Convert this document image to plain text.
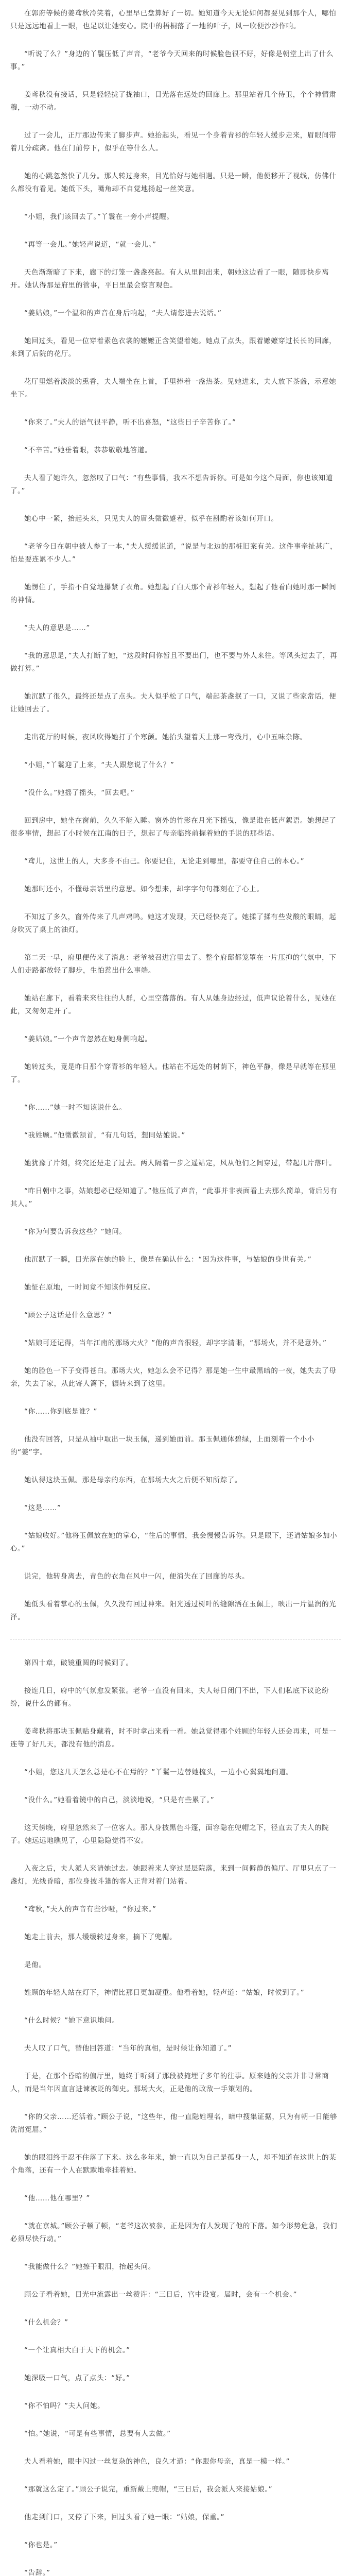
在郭府等候的姜鸢秋冷笑着，心里早已盘算好了一切。她知道今天无论如何都要见到那个人，哪怕只是远远地看上一眼，也足以让她安心。院中的梧桐落了一地的叶子，风一吹便沙沙作响。

“听说了么？”身边的丫鬟压低了声音，“老爷今天回来的时候脸色很不好，好像是朝堂上出了什么事。”

姜鸢秋没有接话，只是轻轻拢了拢袖口，目光落在远处的回廊上。那里站着几个侍卫，个个神情肃穆，一动不动。

过了一会儿，正厅那边传来了脚步声。她抬起头，看见一个身着青衫的年轻人缓步走来，眉眼间带着几分疏离。他在门前停下，似乎在等什么人。

她的心跳忽然快了几分。那人转过身来，目光恰好与她相遇。只是一瞬，他便移开了视线，仿佛什么都没有看见。她低下头，嘴角却不自觉地扬起一丝笑意。

“小姐，我们该回去了。”丫鬟在一旁小声提醒。

“再等一会儿。”她轻声说道，“就一会儿。”

天色渐渐暗了下来，廊下的灯笼一盏盏亮起。有人从里间出来，朝她这边看了一眼，随即快步离开。她认得那是府里的管事，平日里最会察言观色。

“姜姑娘，”一个温和的声音在身后响起，“夫人请您进去说话。”

她回过头，看见一位穿着素色衣裳的嬷嬷正含笑望着她。她点了点头，跟着嬷嬷穿过长长的回廊，来到了后院的花厅。

花厅里燃着淡淡的熏香，夫人端坐在上首，手里捧着一盏热茶。见她进来，夫人放下茶盏，示意她坐下。

“你来了。”夫人的语气很平静，听不出喜怒，“这些日子辛苦你了。”

“不辛苦。”她垂着眼，恭恭敬敬地答道。

夫人看了她许久，忽然叹了口气：“有些事情，我本不想告诉你。可是如今这个局面，你也该知道了。”

她心中一紧，抬起头来，只见夫人的眉头微微蹙着，似乎在斟酌着该如何开口。

“老爷今日在朝中被人参了一本，”夫人缓缓说道，“说是与北边的那桩旧案有关。这件事牵扯甚广，怕是要连累不少人。”

她愣住了，手指不自觉地攥紧了衣角。她想起了白天那个青衫年轻人，想起了他看向她时那一瞬间的神情。

“夫人的意思是……”

“我的意思是，”夫人打断了她，“这段时间你暂且不要出门，也不要与外人来往。等风头过去了，再做打算。”

她沉默了很久，最终还是点了点头。夫人似乎松了口气，端起茶盏抿了一口，又说了些家常话，便让她回去了。

走出花厅的时候，夜风吹得她打了个寒颤。她抬头望着天上那一弯残月，心中五味杂陈。

“小姐，”丫鬟迎了上来，“夫人跟您说了什么？”

“没什么。”她摇了摇头，“回去吧。”

回到房中，她坐在窗前，久久不能入睡。窗外的竹影在月光下摇曳，像是谁在低声絮语。她想起了很多事情，想起了小时候在江南的日子，想起了母亲临终前握着她的手说的那些话。

“鸢儿，这世上的人，大多身不由己。你要记住，无论走到哪里，都要守住自己的本心。”

她那时还小，不懂母亲话里的意思。如今想来，却字字句句都刻在了心上。

不知过了多久，窗外传来了几声鸡鸣。她这才发现，天已经快亮了。她揉了揉有些发酸的眼睛，起身吹灭了桌上的油灯。

第二天一早，府里便传来了消息：老爷被召进宫里去了。整个府邸都笼罩在一片压抑的气氛中，下人们走路都放轻了脚步，生怕惹出什么事端。

她站在廊下，看着来来往往的人群，心里空落落的。有人从她身边经过，低声议论着什么，见她在此，又匆匆走开了。

“姜姑娘。”一个声音忽然在她身侧响起。

她转过头，竟是昨日那个穿青衫的年轻人。他站在不远处的树荫下，神色平静，像是早就等在那里了。

“你……”她一时不知该说什么。

“我姓顾。”他微微颔首，“有几句话，想同姑娘说。”

她犹豫了片刻，终究还是走了过去。两人隔着一步之遥站定，风从他们之间穿过，带起几片落叶。

“昨日朝中之事，姑娘想必已经知道了。”他压低了声音，“此事并非表面看上去那么简单，背后另有其人。”

“你为何要告诉我这些？”她问。

他沉默了一瞬，目光落在她的脸上，像是在确认什么：“因为这件事，与姑娘的身世有关。”

她怔在原地，一时间竟不知该作何反应。

“顾公子这话是什么意思？”

“姑娘可还记得，当年江南的那场大火？”他的声音很轻，却字字清晰，“那场火，并不是意外。”

她的脸色一下子变得苍白。那场大火，她怎么会不记得？那是她一生中最黑暗的一夜，她失去了母亲，失去了家，从此寄人篱下，辗转来到了这里。

“你……你到底是谁？”

他没有回答，只是从袖中取出一块玉佩，递到她面前。那玉佩通体碧绿，上面刻着一个小小的“姜”字。

她认得这块玉佩。那是母亲的东西，在那场大火之后便不知所踪了。

“这是……”

“姑娘收好。”他将玉佩放在她的掌心，“往后的事情，我会慢慢告诉你。只是眼下，还请姑娘多加小心。”

说完，他转身离去，青色的衣角在风中一闪，便消失在了回廊的尽头。

她低头看着掌心的玉佩，久久没有回过神来。阳光透过树叶的缝隙洒在玉佩上，映出一片温润的光泽。

第四十章，破镜重圆的时候到了。

接连几日，府中的气氛愈发紧张。老爷一直没有回来，夫人每日闭门不出，下人们私底下议论纷纷，说什么的都有。

姜鸢秋将那块玉佩贴身藏着，时不时拿出来看一看。她总觉得那个姓顾的年轻人还会再来，可是一连等了好几天，都没有他的消息。

“小姐，您这几天怎么总是心不在焉的？”丫鬟一边替她梳头，一边小心翼翼地问道。

“没什么。”她看着镜中的自己，淡淡地说，“只是有些累了。”

这天傍晚，府里忽然来了一位客人。那人身披黑色斗篷，面容隐在兜帽之下，径直去了夫人的院子。她远远地瞧见了，心里隐隐觉得不安。

入夜之后，夫人派人来请她过去。她跟着来人穿过层层院落，来到一间僻静的偏厅。厅里只点了一盏灯，光线昏暗，那位身披斗篷的客人正背对着门站着。

“鸢秋，”夫人的声音有些沙哑，“你过来。”

她走上前去，那人缓缓转过身来，摘下了兜帽。

是他。

姓顾的年轻人站在灯下，神情比那日更加凝重。他看着她，轻声道：“姑娘，时候到了。”

“什么时候？”她下意识地问。

夫人叹了口气，替他回答道：“当年的真相，是时候让你知道了。”

于是，在那个昏暗的偏厅里，她终于听到了那段被掩埋了多年的往事。原来她的父亲并非寻常商人，而是当年因直言进谏被贬的御史。那场大火，正是他的政敌一手策划的。

“你的父亲……还活着。”顾公子说，“这些年，他一直隐姓埋名，暗中搜集证据，只为有朝一日能够洗清冤屈。”

她的眼泪终于忍不住落了下来。这么多年来，她一直以为自己是孤身一人，却不知道在这世上的某个角落，还有一个人在默默地牵挂着她。

“他……他在哪里？”

“就在京城。”顾公子顿了顿，“老爷这次被参，正是因为有人发现了他的下落。如今形势危急，我们必须尽快行动。”

“我能做什么？”她擦干眼泪，抬起头问。

顾公子看着她，目光中流露出一丝赞许：“三日后，宫中设宴。届时，会有一个机会。”

“什么机会？”

“一个让真相大白于天下的机会。”

她深吸一口气，点了点头：“好。”

“你不怕吗？”夫人问她。

“怕。”她说，“可是有些事情，总要有人去做。”

夫人看着她，眼中闪过一丝复杂的神色，良久才道：“你跟你母亲，真是一模一样。”

“那就这么定了。”顾公子说完，重新戴上兜帽，“三日后，我会派人来接姑娘。”

他走到门口，又停了下来，回过头看了她一眼：“姑娘，保重。”

“你也是。”

“告辞。”
